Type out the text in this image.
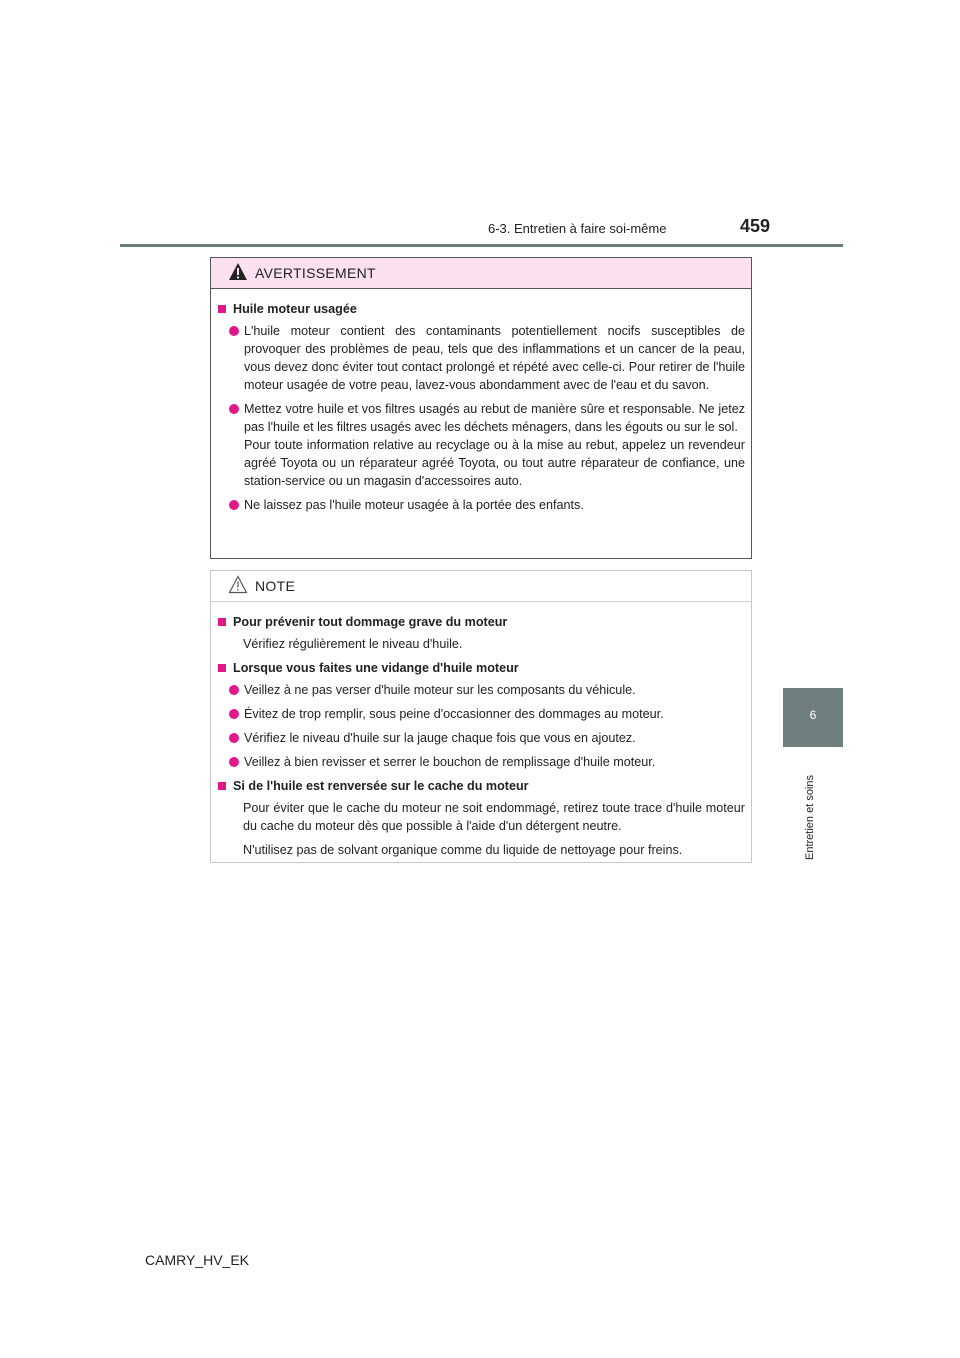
6-3. Entretien à faire soi-même	459
6
Entretien et soins
AVERTISSEMENT
Huile moteur usagée
L'huile moteur contient des contaminants potentiellement nocifs susceptibles de provoquer des problèmes de peau, tels que des inflammations et un cancer de la peau, vous devez donc éviter tout contact prolongé et répété avec celle-ci. Pour retirer de l'huile moteur usagée de votre peau, lavez-vous abondamment avec de l'eau et du savon.
Mettez votre huile et vos filtres usagés au rebut de manière sûre et responsable. Ne jetez pas l'huile et les filtres usagés avec les déchets ménagers, dans les égouts ou sur le sol.
Pour toute information relative au recyclage ou à la mise au rebut, appelez un revendeur agréé Toyota ou un réparateur agréé Toyota, ou tout autre réparateur de confiance, une station-service ou un magasin d'accessoires auto.
Ne laissez pas l'huile moteur usagée à la portée des enfants.
NOTE
Pour prévenir tout dommage grave du moteur
Vérifiez régulièrement le niveau d'huile.
Lorsque vous faites une vidange d'huile moteur
Veillez à ne pas verser d'huile moteur sur les composants du véhicule.
Évitez de trop remplir, sous peine d'occasionner des dommages au moteur.
Vérifiez le niveau d'huile sur la jauge chaque fois que vous en ajoutez.
Veillez à bien revisser et serrer le bouchon de remplissage d'huile moteur.
Si de l'huile est renversée sur le cache du moteur
Pour éviter que le cache du moteur ne soit endommagé, retirez toute trace d'huile moteur du cache du moteur dès que possible à l'aide d'un détergent neutre.
N'utilisez pas de solvant organique comme du liquide de nettoyage pour freins.
CAMRY_HV_EK
